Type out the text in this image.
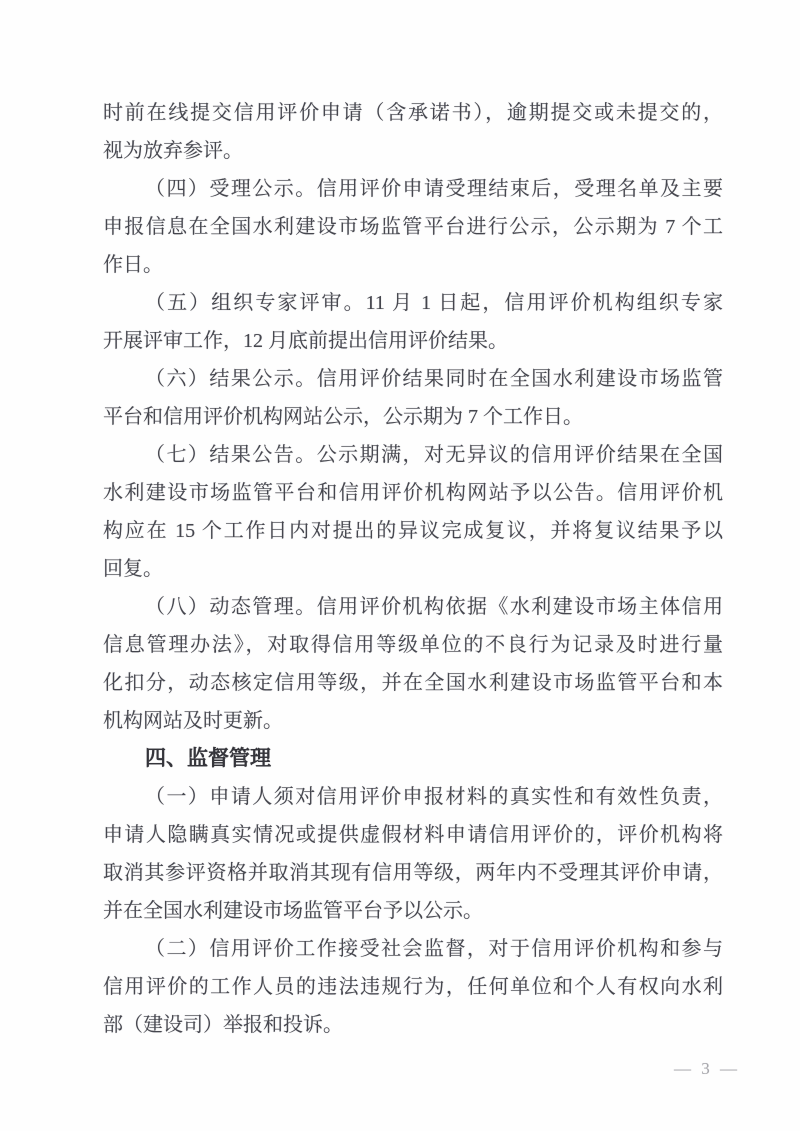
时前在线提交信用评价申请（含承诺书），逾期提交或未提交的，
视为放弃参评。
（四）受理公示。信用评价申请受理结束后，受理名单及主要
申报信息在全国水利建设市场监管平台进行公示，公示期为 7 个工
作日。
（五）组织专家评审。11 月 1 日起，信用评价机构组织专家
开展评审工作，12 月底前提出信用评价结果。
（六）结果公示。信用评价结果同时在全国水利建设市场监管
平台和信用评价机构网站公示，公示期为 7 个工作日。
（七）结果公告。公示期满，对无异议的信用评价结果在全国
水利建设市场监管平台和信用评价机构网站予以公告。信用评价机
构应在 15 个工作日内对提出的异议完成复议，并将复议结果予以
回复。
（八）动态管理。信用评价机构依据《水利建设市场主体信用
信息管理办法》，对取得信用等级单位的不良行为记录及时进行量
化扣分，动态核定信用等级，并在全国水利建设市场监管平台和本
机构网站及时更新。
四、监督管理
（一）申请人须对信用评价申报材料的真实性和有效性负责，
申请人隐瞒真实情况或提供虚假材料申请信用评价的，评价机构将
取消其参评资格并取消其现有信用等级，两年内不受理其评价申请，
并在全国水利建设市场监管平台予以公示。
（二）信用评价工作接受社会监督，对于信用评价机构和参与
信用评价的工作人员的违法违规行为，任何单位和个人有权向水利
部（建设司）举报和投诉。
— 3 —
